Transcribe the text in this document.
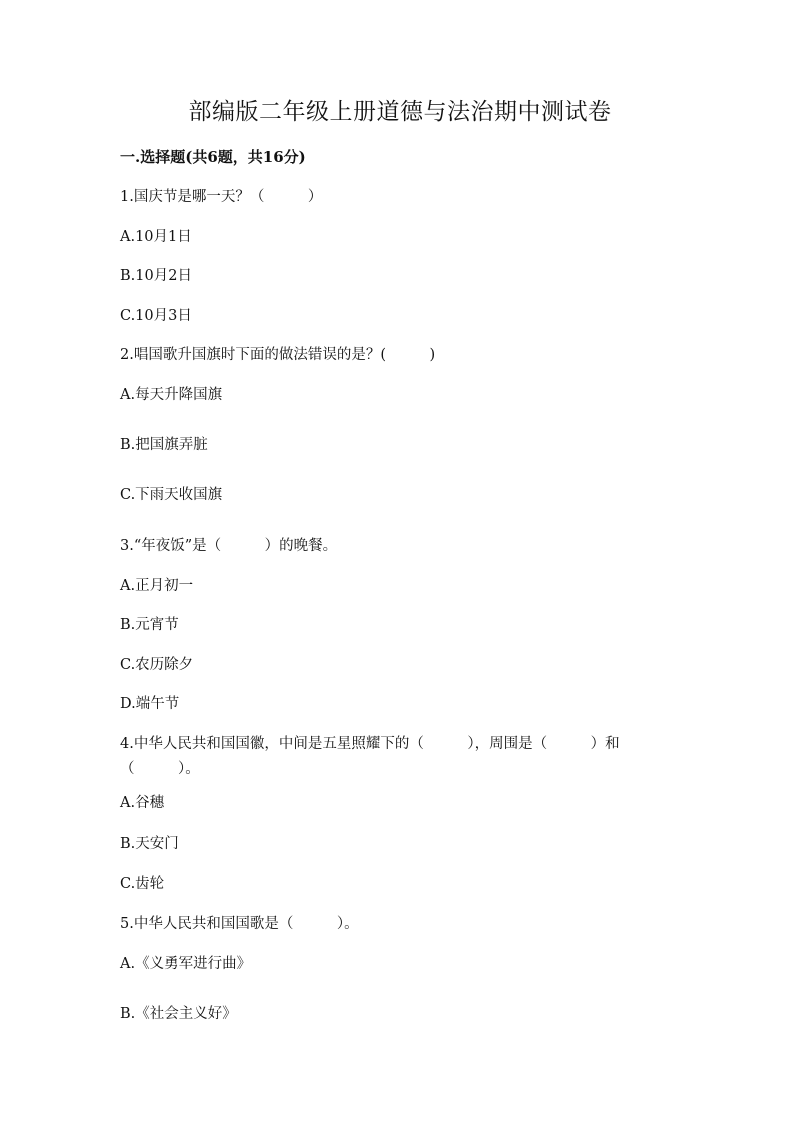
部编版二年级上册道德与法治期中测试卷
一.选择题(共6题，共16分)
1.国庆节是哪一天？（　　　）
A.10月1日
B.10月2日
C.10月3日
2.唱国歌升国旗时下面的做法错误的是？(　　　)
A.每天升降国旗
B.把国旗弄脏
C.下雨天收国旗
3.“年夜饭”是（　　　）的晚餐。
A.正月初一
B.元宵节
C.农历除夕
D.端午节
4.中华人民共和国国徽，中间是五星照耀下的（　　　），周围是（　　　）和（　　　）。
A.谷穗
B.天安门
C.齿轮
5.中华人民共和国国歌是（　　　）。
A.《义勇军进行曲》
B.《社会主义好》
